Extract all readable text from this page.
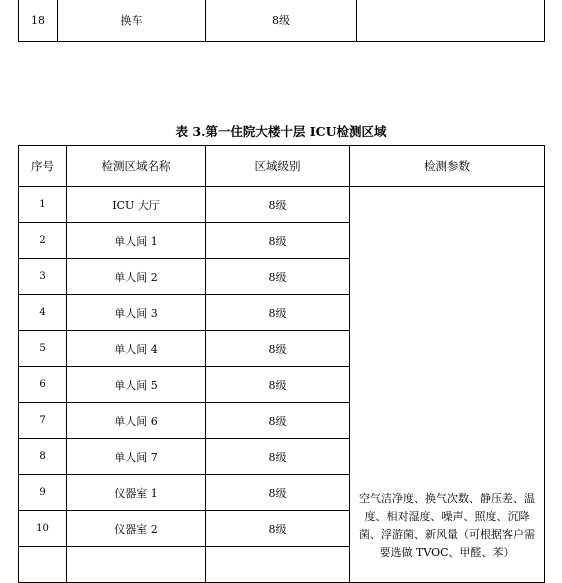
18	换车	8级	
表 3.第一住院大楼十层 ICU检测区域
序号	检测区域名称	区域级别	检测参数
1	ICU 大厅	8级	空气洁净度、换气次数、静压差、温度、相对湿度、噪声、照度、沉降菌、浮游菌、新风量（可根据客户需要选做 TVOC、甲醛、苯）
2	单人间 1	8级	
3	单人间 2	8级	
4	单人间 3	8级	
5	单人间 4	8级	
6	单人间 5	8级	
7	单人间 6	8级	
8	单人间 7	8级	
9	仪器室 1	8级	
10	仪器室 2	8级	
